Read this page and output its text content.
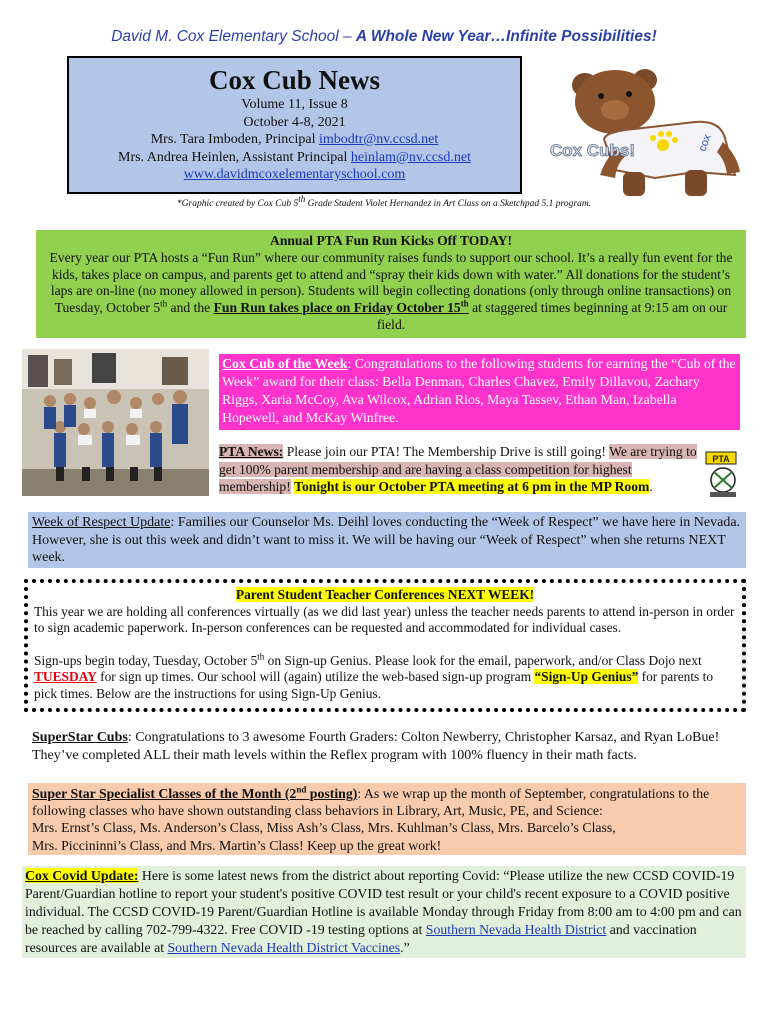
David M. Cox Elementary School – A Whole New Year…Infinite Possibilities!
Cox Cub News
Volume 11, Issue 8
October 4-8, 2021
Mrs. Tara Imboden, Principal imbodtr@nv.ccsd.net
Mrs. Andrea Heinlen, Assistant Principal heinlam@nv.ccsd.net
www.davidmcoxelementaryschool.com
cox
Cox Cubs!
*Graphic created by Cox Cub 5th Grade Student Violet Hernandez in Art Class on a Sketchpad 5.1 program.
Annual PTA Fun Run Kicks Off TODAY!
Every year our PTA hosts a “Fun Run” where our community raises funds to support our school. It’s a really fun event for the kids, takes place on campus, and parents get to attend and “spray their kids down with water.” All donations for the student’s laps are on-line (no money allowed in person). Students will begin collecting donations (only through online transactions) on Tuesday, October 5th and the Fun Run takes place on Friday October 15th at staggered times beginning at 9:15 am on our field.
Cox Cub of the Week: Congratulations to the following students for earning the “Cub of the Week” award for their class: Bella Denman, Charles Chavez, Emily Dillavou, Zachary Riggs, Xaria McCoy, Ava Wilcox, Adrian Rios, Maya Tassev, Ethan Man, Izabella Hopewell, and McKay Winfree.
PTA News: Please join our PTA! The Membership Drive is still going! We are trying to get 100% parent membership and are having a class competition for highest membership! Tonight is our October PTA meeting at 6 pm in the MP Room.
PTA
Week of Respect Update: Families our Counselor Ms. Deihl loves conducting the “Week of Respect” we have here in Nevada. However, she is out this week and didn’t want to miss it. We will be having our “Week of Respect” when she returns NEXT week.
Parent Student Teacher Conferences NEXT WEEK!
This year we are holding all conferences virtually (as we did last year) unless the teacher needs parents to attend in-person in order to sign academic paperwork. In-person conferences can be requested and accommodated for individual cases.
Sign-ups begin today, Tuesday, October 5th on Sign-up Genius. Please look for the email, paperwork, and/or Class Dojo next TUESDAY for sign up times. Our school will (again) utilize the web-based sign-up program “Sign-Up Genius” for parents to pick times. Below are the instructions for using Sign-Up Genius.
SuperStar Cubs: Congratulations to 3 awesome Fourth Graders: Colton Newberry, Christopher Karsaz, and Ryan LoBue! They’ve completed ALL their math levels within the Reflex program with 100% fluency in their math facts.
Super Star Specialist Classes of the Month (2nd posting): As we wrap up the month of September, congratulations to the following classes who have shown outstanding class behaviors in Library, Art, Music, PE, and Science:
Mrs. Ernst’s Class, Ms. Anderson’s Class, Miss Ash’s Class, Mrs. Kuhlman’s Class, Mrs. Barcelo’s Class,
Mrs. Piccininni’s Class, and Mrs. Martin’s Class! Keep up the great work!
Cox Covid Update: Here is some latest news from the district about reporting Covid: “Please utilize the new CCSD COVID-19 Parent/Guardian hotline to report your student's positive COVID test result or your child's recent exposure to a COVID positive individual. The CCSD COVID-19 Parent/Guardian Hotline is available Monday through Friday from 8:00 am to 4:00 pm and can be reached by calling 702-799-4322. Free COVID -19 testing options at Southern Nevada Health District and vaccination resources are available at Southern Nevada Health District Vaccines.”
